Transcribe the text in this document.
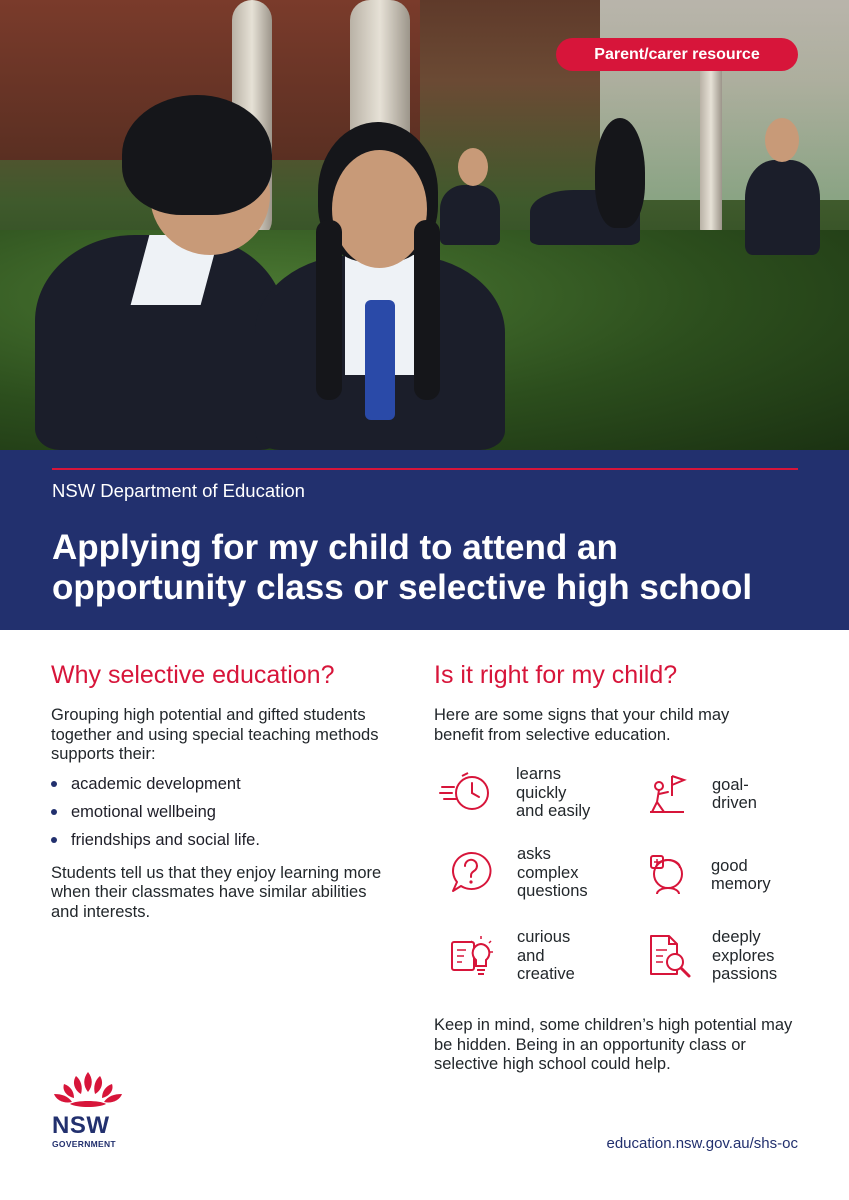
Parent/carer resource
NSW Department of Education
Applying for my child to attend an opportunity class or selective high school
Why selective education?

Grouping high potential and gifted students together and using special teaching methods supports their:

academic development
emotional wellbeing
friendships and social life.

Students tell us that they enjoy learning more when their classmates have similar abilities and interests.

Is it right for my child?

Here are some signs that your child may benefit from selective education.

learns
quickly
and easily
goal-
driven
asks
complex
questions
good
memory
curious
and
creative
deeply
explores
passions

Keep in mind, some children’s high potential may be hidden. Being in an opportunity class or selective high school could help.

NSW
GOVERNMENT	education.nsw.gov.au/shs-oc
